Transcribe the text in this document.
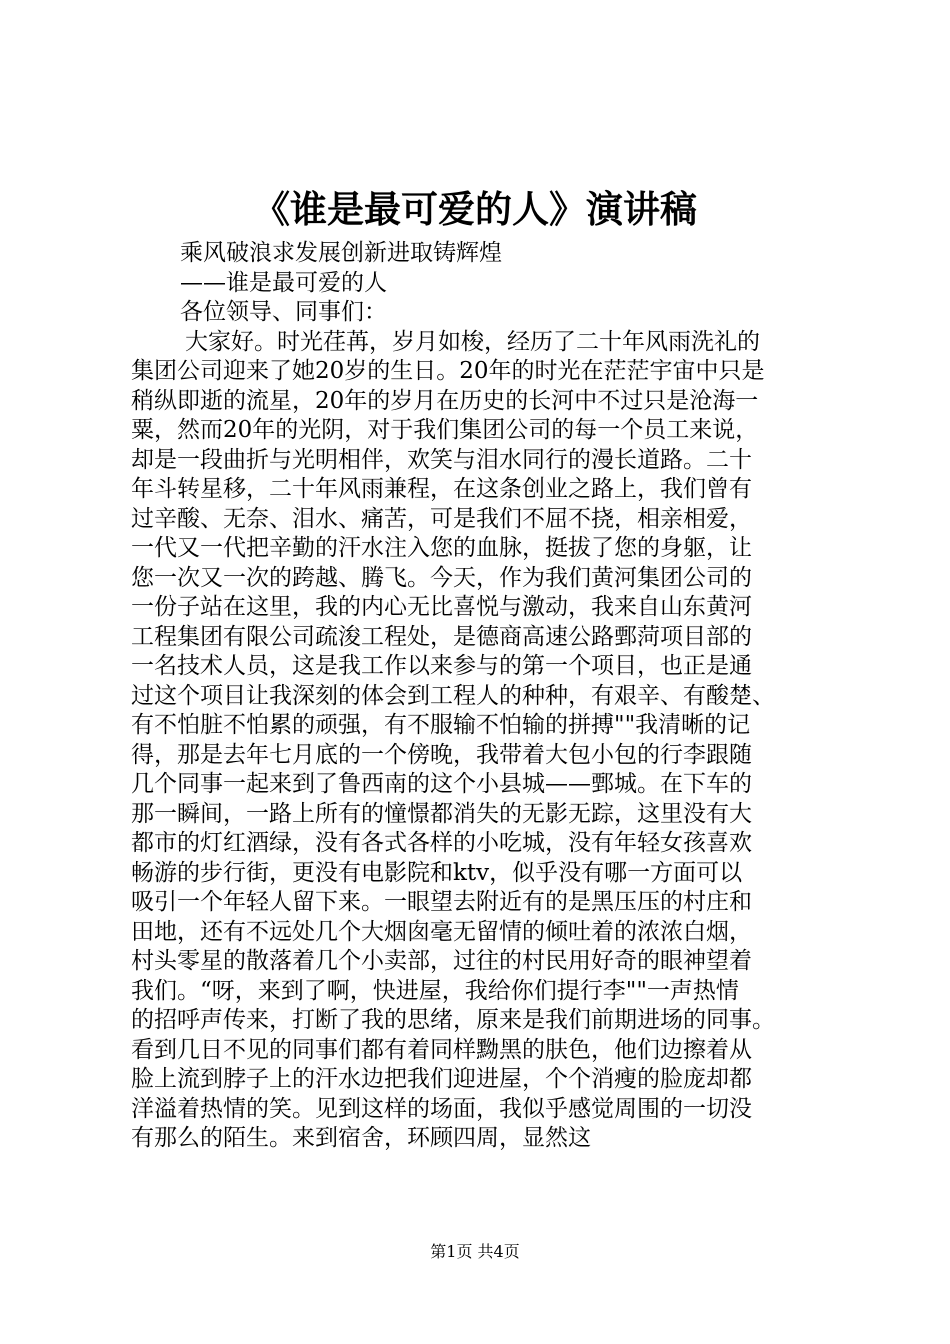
《谁是最可爱的人》演讲稿
乘风破浪求发展创新进取铸辉煌
——谁是最可爱的人
各位领导、同事们：
大家好。时光荏苒，岁月如梭，经历了二十年风雨洗礼的
集团公司迎来了她20岁的生日。20年的时光在茫茫宇宙中只是
稍纵即逝的流星，20年的岁月在历史的长河中不过只是沧海一
粟，然而20年的光阴，对于我们集团公司的每一个员工来说，
却是一段曲折与光明相伴，欢笑与泪水同行的漫长道路。二十
年斗转星移，二十年风雨兼程，在这条创业之路上，我们曾有
过辛酸、无奈、泪水、痛苦，可是我们不屈不挠，相亲相爱，
一代又一代把辛勤的汗水注入您的血脉，挺拔了您的身躯，让
您一次又一次的跨越、腾飞。今天，作为我们黄河集团公司的
一份子站在这里，我的内心无比喜悦与激动，我来自山东黄河
工程集团有限公司疏浚工程处，是德商高速公路鄄菏项目部的
一名技术人员，这是我工作以来参与的第一个项目，也正是通
过这个项目让我深刻的体会到工程人的种种，有艰辛、有酸楚、
有不怕脏不怕累的顽强，有不服输不怕输的拼搏""我清晰的记
得，那是去年七月底的一个傍晚，我带着大包小包的行李跟随
几个同事一起来到了鲁西南的这个小县城——鄄城。在下车的
那一瞬间，一路上所有的憧憬都消失的无影无踪，这里没有大
都市的灯红酒绿，没有各式各样的小吃城，没有年轻女孩喜欢
畅游的步行街，更没有电影院和ktv，似乎没有哪一方面可以
吸引一个年轻人留下来。一眼望去附近有的是黑压压的村庄和
田地，还有不远处几个大烟囱毫无留情的倾吐着的浓浓白烟，
村头零星的散落着几个小卖部，过往的村民用好奇的眼神望着
我们。“呀，来到了啊，快进屋，我给你们提行李""一声热情
的招呼声传来，打断了我的思绪，原来是我们前期进场的同事。
看到几日不见的同事们都有着同样黝黑的肤色，他们边擦着从
脸上流到脖子上的汗水边把我们迎进屋，个个消瘦的脸庞却都
洋溢着热情的笑。见到这样的场面，我似乎感觉周围的一切没
有那么的陌生。来到宿舍，环顾四周，显然这
第1页 共4页
